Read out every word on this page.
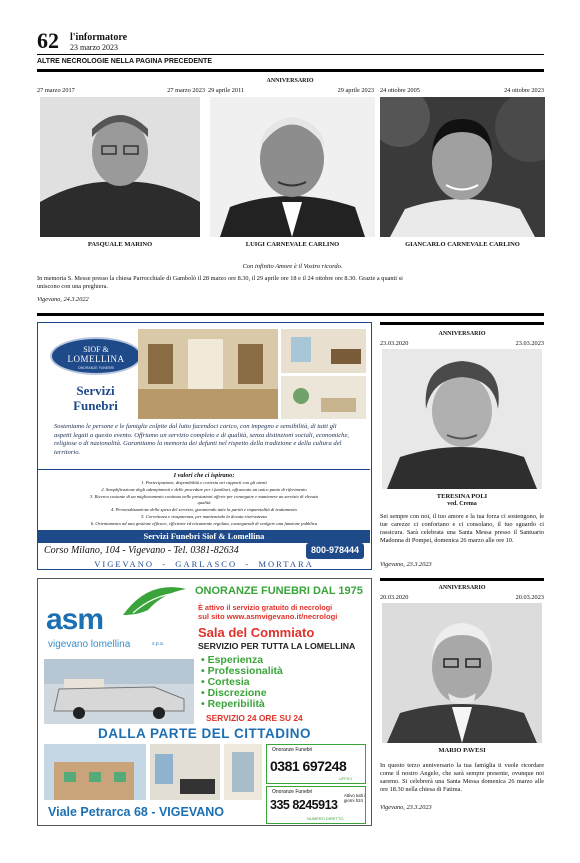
62 l'informatore
23 marzo 2023
ALTRE NECROLOGIE NELLA PAGINA PRECEDENTE
ANNIVERSARIO
27 marzo 2017	27 marzo 2023 29 aprile 2011	29 aprile 2023 24 ottobre 2005	24 ottobre 2023
PASQUALE MARINO	LUIGI CARNEVALE CARLINO	GIANCARLO CARNEVALE CARLINO
Con infinito Amore è il Vostro ricordo.
In memoria S. Messe presso la chiesa Parrocchiale di Gambolò il 28 marzo ore 8.30, il 29 aprile ore 18 e il 24 ottobre ore 8.30. Grazie a quanti si uniscono con una preghiera.
Vigevano, 24.3.2022
SIOF &
LOMELLINA
ONORANZE FUNEBRI
Servizi
Funebri
Sosteniamo le persone e le famiglie colpite dal lutto facendoci carico, con impegno e sensibilità, di tutti gli aspetti legati a questo evento. Offriamo un servizio completo e di qualità, senza distinzioni sociali, economiche, religiose o di nazionalità. Garantiamo la memoria dei defunti nel rispetto della tradizione e della cultura del territorio.
I valori che ci ispirano:
1. Partecipazione, disponibilità e cortesia nei rapporti con gli utenti
2. Semplificazione degli adempimenti e delle procedure per i familiari, affrancato un unico punto di riferimento
3. Ricerca costante di un miglioramento continuo nelle prestazioni offerte per conseguire e mantenere un servizio di elevata qualità
4. Personalizzazione della spesa del servizio, garantendo tutte la parità e imparzialità di trattamento
5. Correttezza e trasparenza, per mantenendo la dovuta riservatezza
6. Orientamento ad una gestione efficace, efficiente ed eticamente regolata, conseguendi di svolgere una funzione pubblica
Servizi Funebri Siof & Lomellina
Corso Milano, 104 - Vigevano - Tel. 0381-82634
Numero Verde
800-978444
VIGEVANO  -  GARLASCO  -  MORTARA
asm
vigevano lomellina	s.p.a.
ONORANZE FUNEBRI DAL 1975
È attivo il servizio gratuito di necrologi
sul sito www.asmvigevano.it/necrologi
Sala del Commiato
SERVIZIO PER TUTTA LA LOMELLINA
• Esperienza
• Professionalità
• Cortesia
• Discrezione
• Reperibilità
SERVIZIO 24 ORE SU 24
DALLA PARTE DEL CITTADINO
Onoranze Funebri
0381 697248
UFFICI
Onoranze Funebri
335 8245913
NUMERO DIRETTO
Attivo tutti i giorni h24
Viale Petrarca 68 - VIGEVANO
ANNIVERSARIO
23.03.2020	23.03.2023
TERESINA POLI
ved. Crema
Sei sempre con noi, il tuo amore e la tua forza ci sostengono, le tue carezze ci confortano e ci consolano, il tuo sguardo ci rassicura. Sarà celebrata una Santa Messa presso il Santuario Madonna di Pompei, domenica 26 marzo alle ore 10.
Vigevano, 23.3.2023
ANNIVERSARIO
20.03.2020	20.03.2023
MARIO PAVESI
In questo terzo anniversario la tua famiglia ti vuole ricordare come il nostro Angelo, che sarà sempre presente, ovunque noi saremo. Si celebrerà una Santa Messa domenica 26 marzo alle ore 18.30 nella chiesa di Fatima.
Vigevano, 23.3.2023
